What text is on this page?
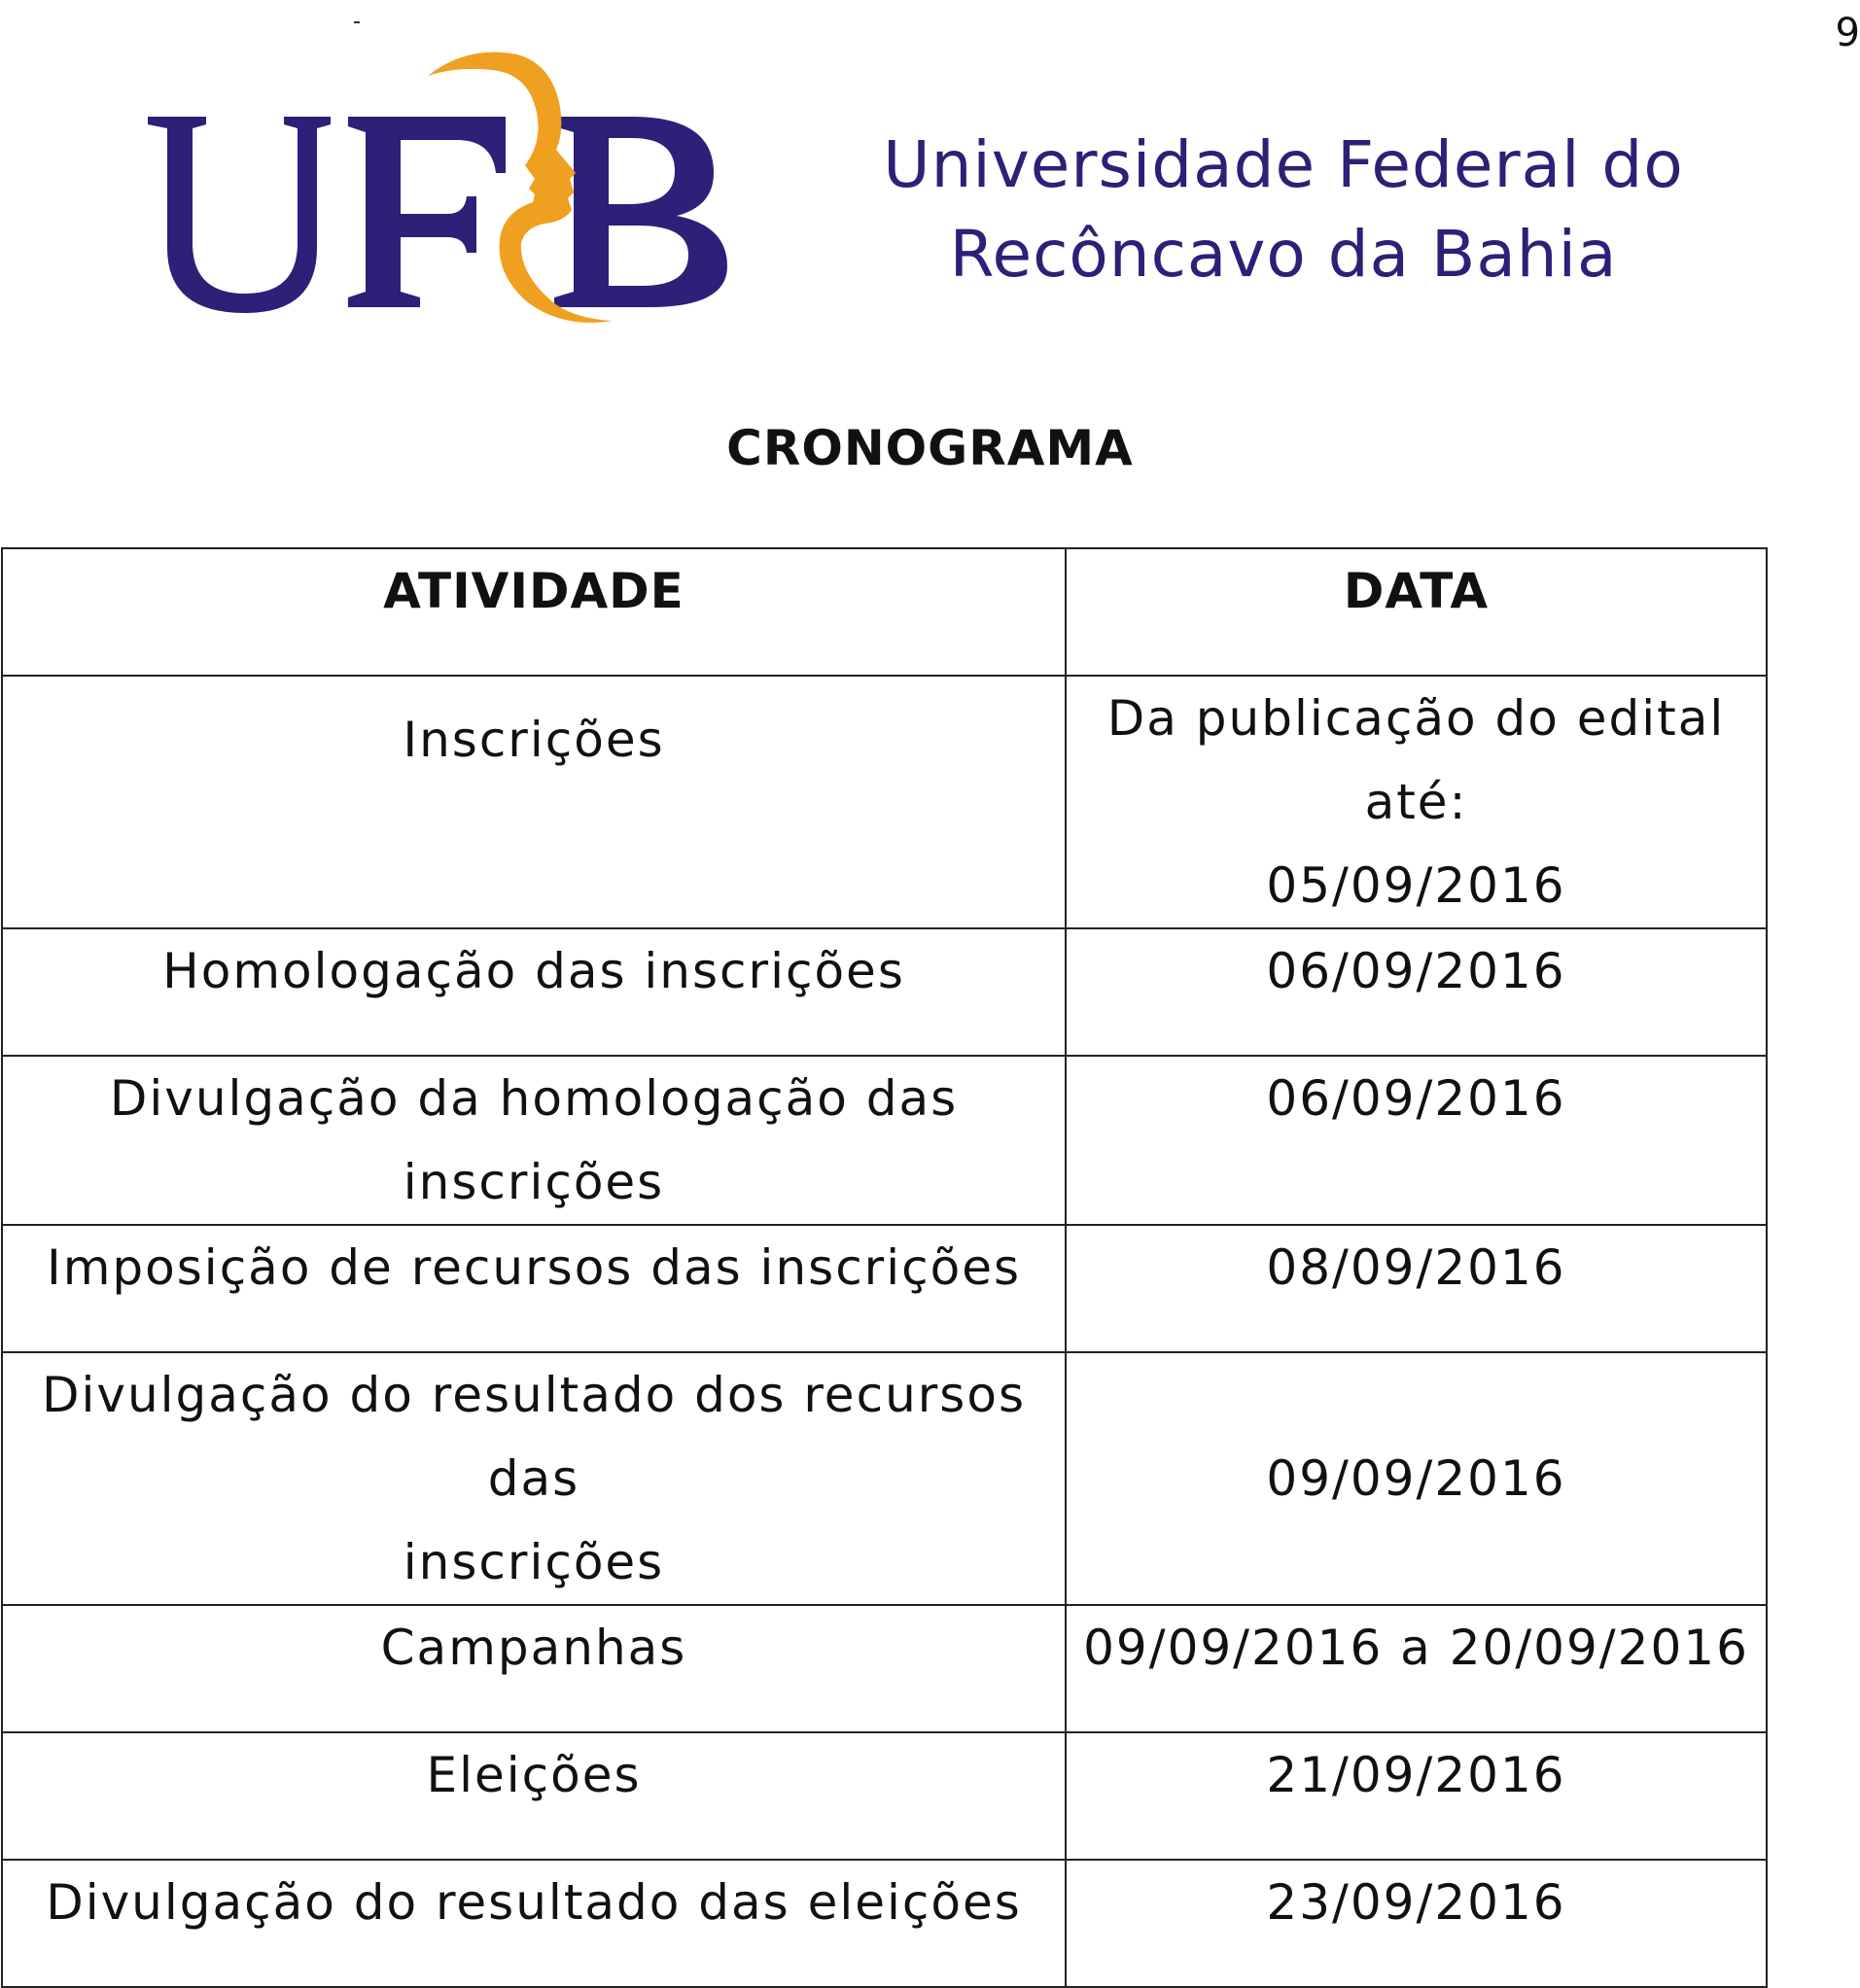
9
Universidade Federal do
Recôncavo da Bahia
CRONOGRAMA
ATIVIDADE	DATA

Inscrições	Da publicação do edital até:
05/09/2016

Homologação das inscrições	06/09/2016

Divulgação da homologação das inscrições	06/09/2016

Imposição de recursos das inscrições	08/09/2016

Divulgação do resultado dos recursos das
inscrições	09/09/2016

Campanhas	09/09/2016 a 20/09/2016

Eleições	21/09/2016

Divulgação do resultado das eleições	23/09/2016
